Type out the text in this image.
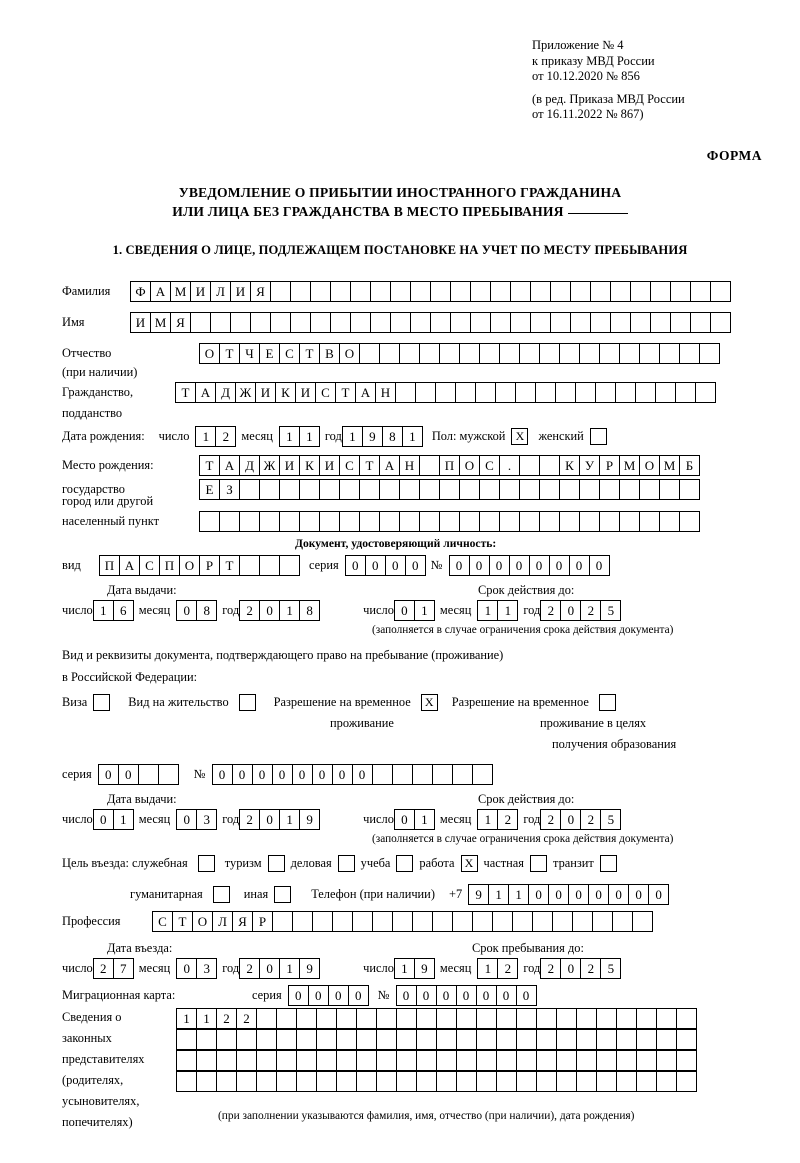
Приложение № 4
к приказу МВД России
от 10.12.2020 № 856
(в ред. Приказа МВД России
от 16.11.2022 № 867)
ФОРМА
УВЕДОМЛЕНИЕ О ПРИБЫТИИ ИНОСТРАННОГО ГРАЖДАНИНА
ИЛИ ЛИЦА БЕЗ ГРАЖДАНСТВА В МЕСТО ПРЕБЫВАНИЯ
1. СВЕДЕНИЯ О ЛИЦЕ, ПОДЛЕЖАЩЕМ ПОСТАНОВКЕ НА УЧЕТ ПО МЕСТУ ПРЕБЫВАНИЯ
Фамилия	Ф А М И Л И Я
Имя	И М Я
Отчество	О Т Ч Е С Т В О
(при наличии)
Гражданство,	Т А Д Ж И К И С Т А Н
подданство
Дата рождения: число	1	2 месяц	1	1 год 1	9	8	1	Пол: мужской Х	женский
Место рождения:	Т А Д Ж И К И С Т А Н	П О С	.	К У Р М О М Б
государство	Е З
город или другой
населенный пункт
Документ, удостоверяющий личность:
вид	П А С П О Р Т	серия	0	0	0	0 №	0	0	0	0	0	0	0	0
Дата выдачи:	Срок действия до:
число 1	6 месяц	0	8 год 2	0	1	8	число 0	1 месяц	1	1 год 2	0	2	5
(заполняется в случае ограничения срока действия документа)
Вид и реквизиты документа, подтверждающего право на пребывание (проживание)
в Российской Федерации:
Виза	Вид на жительство	Разрешение на временное	Х	Разрешение на временное
проживание	проживание в целях
получения образования
серия	0	0	№	0	0	0	0	0	0	0	0
Дата выдачи:	Срок действия до:
число 0	1 месяц	0	3 год 2	0	1	9	число 0	1 месяц	1	2 год 2	0	2	5
(заполняется в случае ограничения срока действия документа)
Цель въезда: служебная	туризм деловая учеба работа Х частная транзит
гуманитарная	иная	Телефон (при наличии) +7	9	1	1	0	0	0	0	0	0	0
Профессия	С Т О Л Я Р
Дата въезда:	Срок пребывания до:
число 2	7 месяц	0	3 год 2	0	1	9	число 1	9 месяц	1	2 год 2	0	2	5
Миграционная карта:	серия	0	0	0	0	№	0	0	0	0	0	0	0
Сведения о
законных
представителях
(родителях,
усыновителях,
попечителях)
1	1	2	2
(при заполнении указываются фамилия, имя, отчество (при наличии), дата рождения)
